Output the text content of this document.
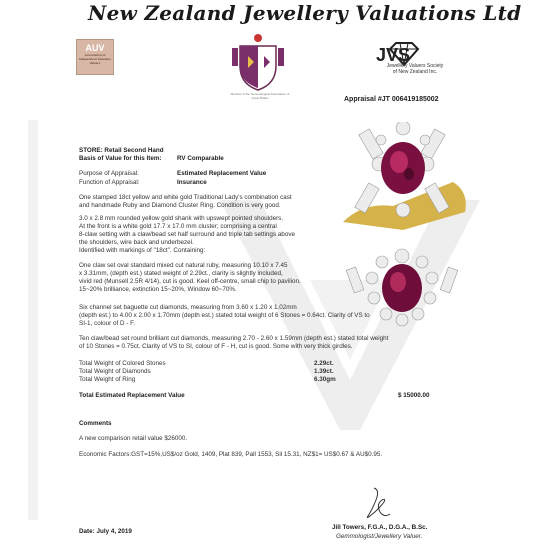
New Zealand Jewellery Valuations Ltd
AUV
Association of Independent Jewellery Valuers
Member of the Gemmological Association of Great Britain
JVS
Jewellery Valuers Society
of New Zealand Inc.
Appraisal #JT 006419185002
STORE: Retail Second Hand
Basis of Value for this Item: RV Comparable
Purpose of Appraisal:	Estimated Replacement Value
Function of Appraisal:	Insurance
One stamped 18ct yellow and white gold Traditional Lady's combination cast
and handmade Ruby and Diamond Cluster Ring. Condition is very good.
3.0 x 2.8 mm rounded yellow gold shank with upswept pointed shoulders.
At the front is a white gold 17.7 x 17.0 mm cluster; comprising a central
8-claw setting with a claw/bead set half surround and triple tab settings above
the shoulders, wire back and underbezel.
Identified with markings of "18ct". Containing:
One claw set oval standard mixed cut natural ruby, measuring 10.10 x 7.45
x 3.31mm, (depth est.) stated weight of 2.29ct., clarity is slightly included,
vivid red (Munsell 2.5R 4/14), cut is good. Keel off-centre, small chip to pavilion.
15~20% brilliance, extinction 15~20%, Window 60~70%.
Six channel set baguette cut diamonds, measuring from 3.60 x 1.20 x 1.02mm
(depth est.) to 4.00 x 2.00 x 1.70mm (depth est.) stated total weight of 6 Stones = 0.64ct. Clarity of VS to
SI-1, colour of D - F.
Ten claw/bead set round brilliant cut diamonds, measuring 2.70 - 2.60 x 1.59mm (depth est.) stated total weight
of 10 Stones = 0.75ct. Clarity of VS to SI, colour of F - H, cut is good. Some with very thick girdles.
Total Weight of Colored Stones	2.29ct.
Total Weight of Diamonds	1.39ct.
Total Weight of Ring	6.30gm
Total Estimated Replacement Value	$ 15000.00
Comments
A new comparison retail value $26000.
Economic Factors:GST=15%,US$/oz Gold, 1409, Plat 839, Pall 1553, Sil 15.31, NZ$1= US$0.67 & AU$0.95.
Date: July 4, 2019
Jill Towers, F.G.A., D.G.A., B.Sc.
Gemmologist/Jewellery Valuer.
